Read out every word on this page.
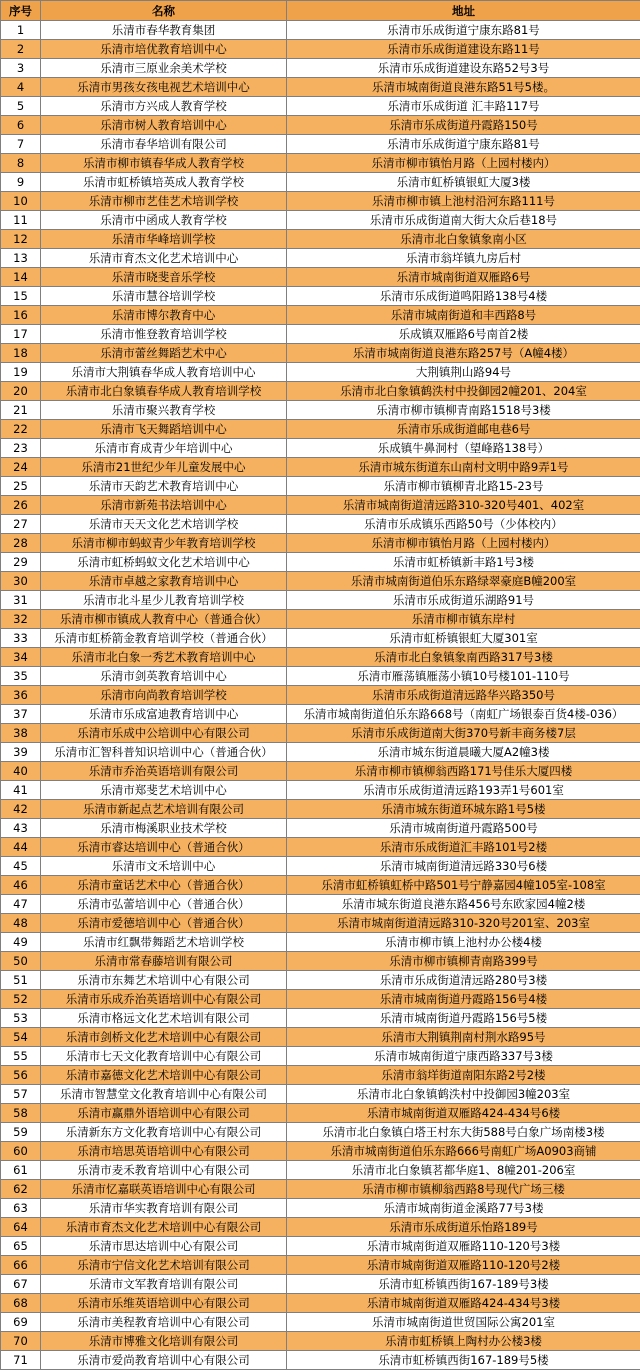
序号	名称	地址
1	乐清市春华教育集团	乐清市乐成街道宁康东路81号
2	乐清市培优教育培训中心	乐清市乐成街道建设东路11号
3	乐清市三原业余美术学校	乐清市乐成街道建设东路52号3号
4	乐清市男孩女孩电视艺术培训中心	乐清市城南街道良港东路51号5楼。
5	乐清市方兴成人教育学校	乐清市乐成街道 汇丰路117号
6	乐清市树人教育培训中心	乐清市乐成街道丹霞路150号
7	乐清市春华培训有限公司	乐清市乐成街道宁康东路81号
8	乐清市柳市镇春华成人教育学校	乐清市柳市镇怡月路（上园村楼内）
9	乐清市虹桥镇培英成人教育学校	乐清市虹桥镇银虹大厦3楼
10	乐清市柳市艺佳艺术培训学校	乐清市柳市镇上池村沿河东路111号
11	乐清市中函成人教育学校	乐清市乐成街道南大街大众后巷18号
12	乐清市华峰培训学校	乐清市北白象镇象南小区
13	乐清市育杰文化艺术培训中心	乐清市翁垟镇九房后村
14	乐清市晓斐音乐学校	乐清市城南街道双雁路6号
15	乐清市慧谷培训学校	乐清市乐成街道鸣阳路138号4楼
16	乐清市博尔教育中心	乐清市城南街道和丰西路8号
17	乐清市惟登教育培训学校	乐成镇双雁路6号南首2楼
18	乐清市蕾丝舞蹈艺术中心	乐清市城南街道良港东路257号（A幢4楼）
19	乐清市大荆镇春华成人教育培训中心	大荆镇荆山路94号
20	乐清市北白象镇春华成人教育培训学校	乐清市北白象镇鹤泆村中投御园2幢201、204室
21	乐清市聚兴教育学校	乐清市柳市镇柳青南路1518号3楼
22	乐清市飞天舞蹈培训中心	乐清市乐成街道邮电巷6号
23	乐清市育成青少年培训中心	乐成镇牛鼻洞村（望峰路138号）
24	乐清市21世纪少年儿童发展中心	乐清市城东街道东山南村文明中路9弄1号
25	乐清市天韵艺术教育培训中心	乐清市柳市镇柳青北路15-23号
26	乐清市新苑书法培训中心	乐清市城南街道清远路310-320号401、402室
27	乐清市天天文化艺术培训学校	乐清市乐成镇乐西路50号（少体校内）
28	乐清市柳市蚂蚁青少年教育培训学校	乐清市柳市镇怡月路（上园村楼内）
29	乐清市虹桥蚂蚁文化艺术培训中心	乐清市虹桥镇新丰路1号3楼
30	乐清市卓越之家教育培训中心	乐清市城南街道伯乐东路绿翠豪庭B幢200室
31	乐清市北斗星少儿教育培训学校	乐清市乐成街道乐湖路91号
32	乐清市柳市镇成人教育中心（普通合伙）	乐清市柳市镇东岸村
33	乐清市虹桥箭金教育培训学校（普通合伙）	乐清市虹桥镇银虹大厦301室
34	乐清市北白象一秀艺术教育培训中心	乐清市北白象镇象南西路317号3楼
35	乐清市剑英教育培训中心	乐清市雁荡镇雁荡小镇10号楼101-110号
36	乐清市向尚教育培训学校	乐清市乐成街道清远路华兴路350号
37	乐清市乐成富迪教育培训中心	乐清市城南街道伯乐东路668号（南虹广场银泰百货4楼-036）
38	乐清市乐成中公培训中心有限公司	乐清市乐成街道南大街370号新丰商务楼7层
39	乐清市汇智科普知识培训中心（普通合伙）	乐清市城东街道晨曦大厦A2幢3楼
40	乐清市乔治英语培训有限公司	乐清市柳市镇柳翁西路171号佳乐大厦四楼
41	乐清市郑斐艺术培训中心	乐清市乐成街道清远路193弄1号601室
42	乐清市新起点艺术培训有限公司	乐清市城东街道环城东路1号5楼
43	乐清市梅溪职业技术学校	乐清市城南街道丹霞路500号
44	乐清市睿达培训中心（普通合伙）	乐清市乐成街道汇丰路101号2楼
45	乐清市文禾培训中心	乐清市城南街道清远路330号6楼
46	乐清市童话艺术中心（普通合伙）	乐清市虹桥镇虹桥中路501号宁静嘉园4幢105室-108室
47	乐清市弘蕾培训中心（普通合伙）	乐清市城东街道良港东路456号东欧家园4幢2楼
48	乐清市爱德培训中心（普通合伙）	乐清市城南街道清远路310-320号201室、203室
49	乐清市红飘带舞蹈艺术培训学校	乐清市柳市镇上池村办公楼4楼
50	乐清市常春藤培训有限公司	乐清市柳市镇柳青南路399号
51	乐清市东舞艺术培训中心有限公司	乐清市乐成街道清远路280号3楼
52	乐清市乐成乔治英语培训中心有限公司	乐清市城南街道丹霞路156号4楼
53	乐清市格远文化艺术培训有限公司	乐清市城南街道丹霞路156号5楼
54	乐清市剑桥文化艺术培训中心有限公司	乐清市大荆镇荆南村荆水路95号
55	乐清市七天文化教育培训中心有限公司	乐清市城南街道宁康西路337号3楼
56	乐清市嘉德文化艺术培训中心有限公司	乐清市翁垟街道南阳东路2号2楼
57	乐清市智慧堂文化教育培训中心有限公司	乐清市北白象镇鹤泆村中投御园3幢203室
58	乐清市赢鼎外语培训中心有限公司	乐清市城南街道双雁路424-434号6楼
59	乐清新东方文化教育培训中心有限公司	乐清市北白象镇白塔王村东大街588号白象广场南楼3楼
60	乐清市培思英语培训中心有限公司	乐清市城南街道伯乐东路666号南虹广场A0903商铺
61	乐清市麦禾教育培训中心有限公司	乐清市北白象镇茗都华庭1、8幢201-206室
62	乐清市忆嘉联英语培训中心有限公司	乐清市柳市镇柳翁西路8号现代广场三楼
63	乐清市华实教育培训有限公司	乐清市城南街道金溪路77号3楼
64	乐清市育杰文化艺术培训中心有限公司	乐清市乐成街道乐怡路189号
65	乐清市思达培训中心有限公司	乐清市城南街道双雁路110-120号3楼
66	乐清市宁信文化艺术培训有限公司	乐清市城南街道双雁路110-120号2楼
67	乐清市文军教育培训有限公司	乐清市虹桥镇西街167-189号3楼
68	乐清市乐维英语培训中心有限公司	乐清市城南街道双雁路424-434号3楼
69	乐清市美程教育培训中心有限公司	乐清市城南街道世贸国际公寓201室
70	乐清市博雅文化培训有限公司	乐清市虹桥镇上陶村办公楼3楼
71	乐清市爱尚教育培训中心有限公司	乐清市虹桥镇西街167-189号5楼
